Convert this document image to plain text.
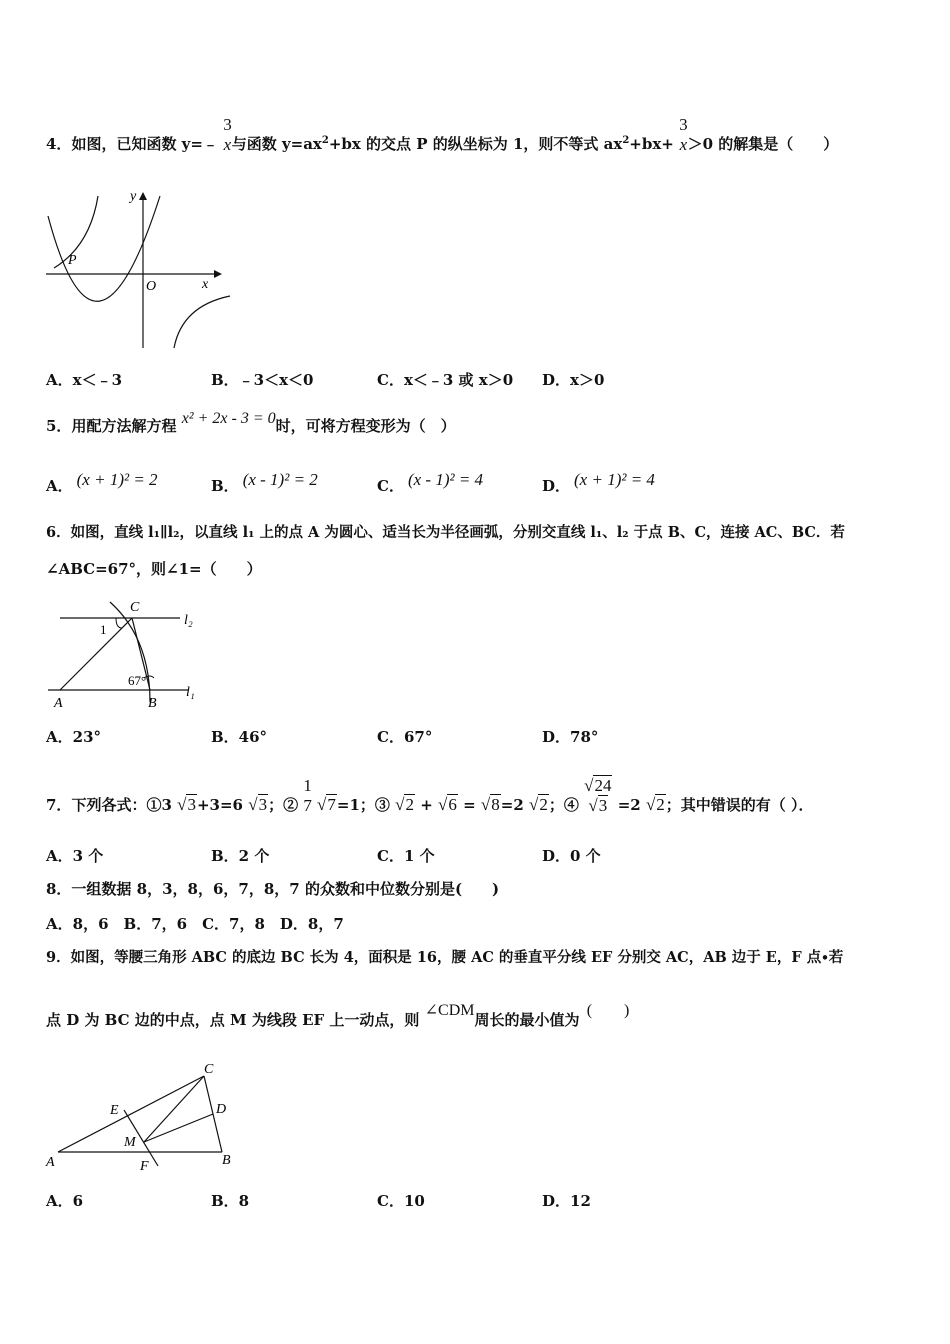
4．如图，已知函数 y=﹣
3
x 与函数 $y=ax^2+bx$ 的交点 P 的纵坐标为 1，则不等式 $ax^2+bx+$
3
x ＞0 的解集是（　　）
y
x
P
O
A．x＜﹣3	B．﹣3＜x＜0	C．x＜﹣3 或 x＞0 D．x＞0
5．用配方法解方程 x² + 2x - 3 = 0时，可将方程变形为（　）
A． (x + 1)² = 2	B． (x - 1)² = 2	C． (x - 1)² = 4	D． (x + 1)² = 4
6．如图，直线 l₁∥l₂，以直线 l₁ 上的点 A 为圆心、适当长为半径画弧，分别交直线 l₁、l₂ 于点 B、C，连接 AC、BC．若
∠ABC=67°，则∠1=（　　）
C
l₂
1
67°
l₁
A	B
A．23°	B．46°	C．67°	D．78°
7．下列各式：①3 √3+3=6 √3；②
1
7 √7=1；③ √2 + √6 = √8=2 √2；④
√24
√3 =2 √2；其中错误的有（ ）．
A．3 个	B．2 个	C．1 个	D．0 个
8．一组数据 8，3，8，6，7，8，7 的众数和中位数分别是(　　)
A．8，6　B．7，6　C．7，8　D．8，7
9．如图，等腰三角形 ABC 的底边 BC 长为 4，面积是 16，腰 AC 的垂直平分线 EF 分别交 AC，AB 边于 E，F 点∙若
点 D 为 BC 边的中点，点 M 为线段 EF 上一动点，则 ∠CDM周长的最小值为 (　　)
C
E	D
M
A	F	B
A．6	B．8	C．10	D．12
